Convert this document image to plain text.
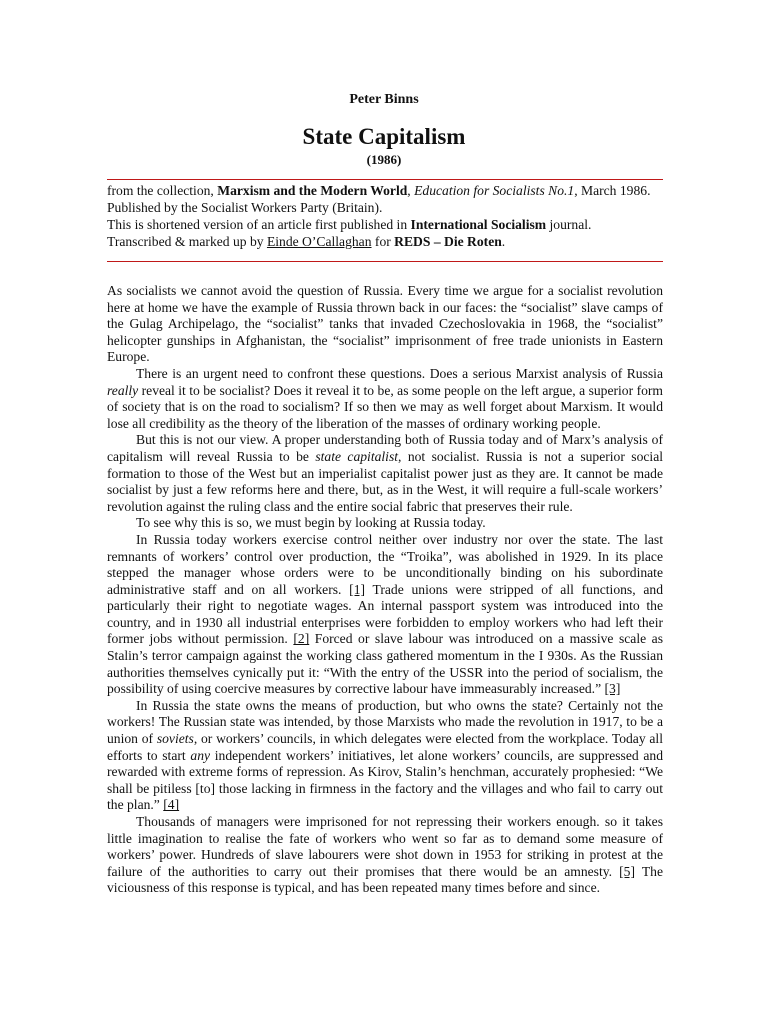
Peter Binns
State Capitalism
(1986)
from the collection, Marxism and the Modern World, Education for Socialists No.1, March 1986.
Published by the Socialist Workers Party (Britain).
This is shortened version of an article first published in International Socialism journal.
Transcribed & marked up by Einde O’Callaghan for REDS – Die Roten.

As socialists we cannot avoid the question of Russia. Every time we argue for a socialist revolution here at home we have the example of Russia thrown back in our faces: the “socialist” slave camps of the Gulag Archipelago, the “socialist” tanks that invaded Czechoslovakia in 1968, the “socialist” helicopter gunships in Afghanistan, the “socialist” imprisonment of free trade unionists in Eastern Europe.

There is an urgent need to confront these questions. Does a serious Marxist analysis of Russia really reveal it to be socialist? Does it reveal it to be, as some people on the left argue, a superior form of society that is on the road to socialism? If so then we may as well forget about Marxism. It would lose all credibility as the theory of the liberation of the masses of ordinary working people.

But this is not our view. A proper understanding both of Russia today and of Marx’s analysis of capitalism will reveal Russia to be state capitalist, not socialist. Russia is not a superior social formation to those of the West but an imperialist capitalist power just as they are. It cannot be made socialist by just a few reforms here and there, but, as in the West, it will require a full-scale workers’ revolution against the ruling class and the entire social fabric that preserves their rule.

To see why this is so, we must begin by looking at Russia today.

In Russia today workers exercise control neither over industry nor over the state. The last remnants of workers’ control over production, the “Troika”, was abolished in 1929. In its place stepped the manager whose orders were to be unconditionally binding on his subordinate administrative staff and on all workers. [1] Trade unions were stripped of all functions, and particularly their right to negotiate wages. An internal passport system was introduced into the country, and in 1930 all industrial enterprises were forbidden to employ workers who had left their former jobs without permission. [2] Forced or slave labour was introduced on a massive scale as Stalin’s terror campaign against the working class gathered momentum in the I 930s. As the Russian authorities themselves cynically put it: “With the entry of the USSR into the period of socialism, the possibility of using coercive measures by corrective labour have immeasurably increased.” [3]

In Russia the state owns the means of production, but who owns the state? Certainly not the workers! The Russian state was intended, by those Marxists who made the revolution in 1917, to be a union of soviets, or workers’ councils, in which delegates were elected from the workplace. Today all efforts to start any independent workers’ initiatives, let alone workers’ councils, are suppressed and rewarded with extreme forms of repression. As Kirov, Stalin’s henchman, accurately prophesied: “We shall be pitiless [to] those lacking in firmness in the factory and the villages and who fail to carry out the plan.” [4]

Thousands of managers were imprisoned for not repressing their workers enough. so it takes little imagination to realise the fate of workers who went so far as to demand some measure of workers’ power. Hundreds of slave labourers were shot down in 1953 for striking in protest at the failure of the authorities to carry out their promises that there would be an amnesty. [5] The viciousness of this response is typical, and has been repeated many times before and since.
